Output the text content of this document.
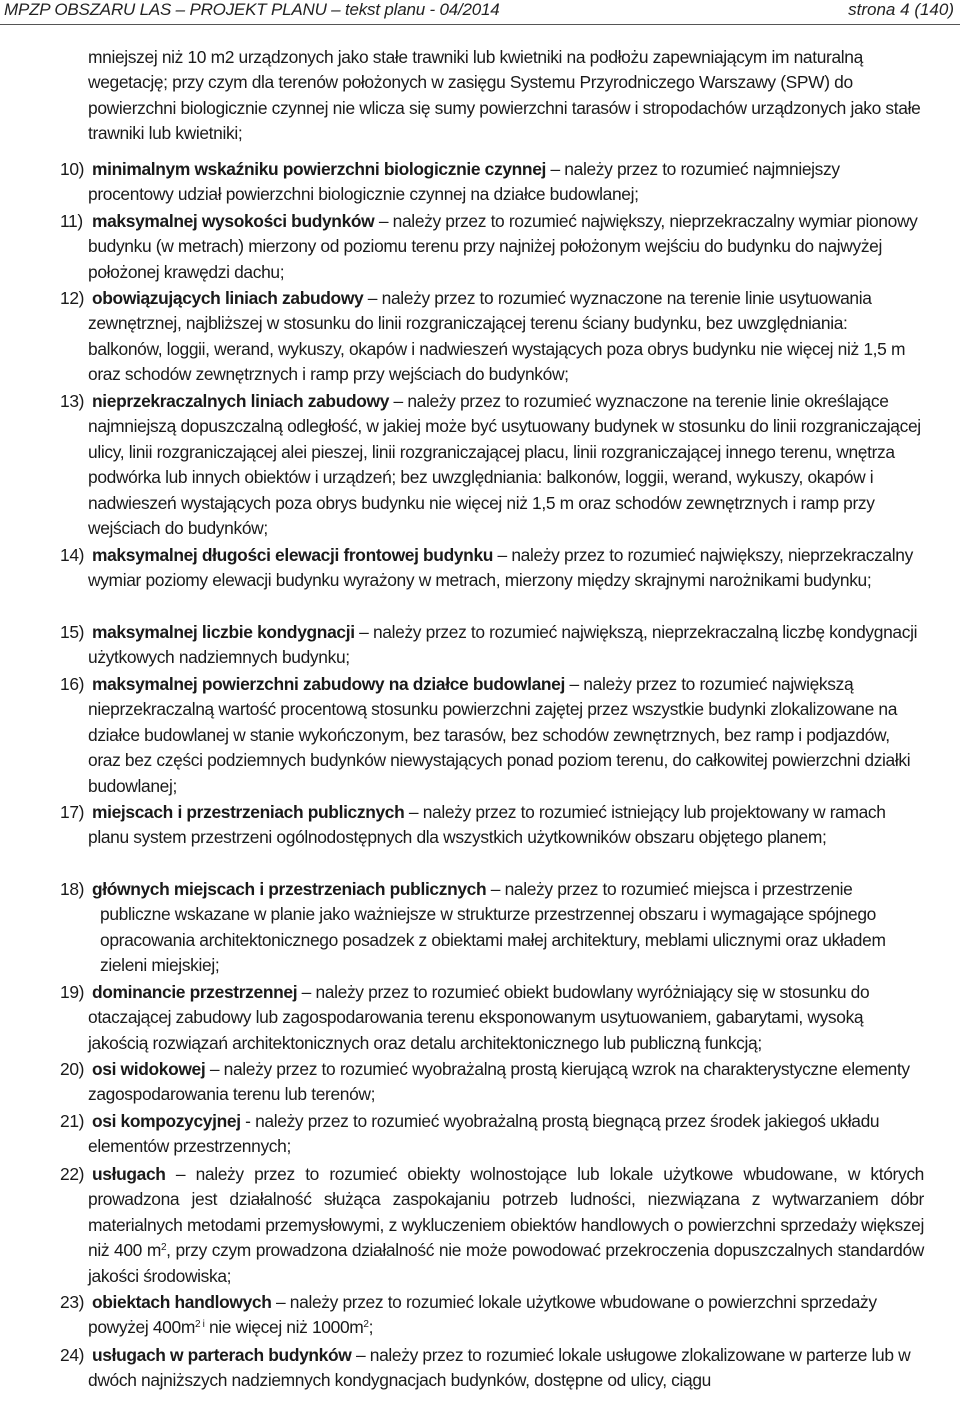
MPZP OBSZARU LAS – PROJEKT PLANU – tekst planu - 04/2014	strona 4 (140)

mniejszej niż 10 m2 urządzonych jako stałe trawniki lub kwietniki na podłożu zapewniającym im naturalną wegetację; przy czym dla terenów położonych w zasięgu Systemu Przyrodniczego Warszawy (SPW) do powierzchni biologicznie czynnej nie wlicza się sumy powierzchni tarasów i stropodachów urządzonych jako stałe trawniki lub kwietniki;

10) minimalnym wskaźniku powierzchni biologicznie czynnej – należy przez to rozumieć najmniejszy procentowy udział powierzchni biologicznie czynnej na działce budowlanej;
11) maksymalnej wysokości budynków – należy przez to rozumieć największy, nieprzekraczalny wymiar pionowy budynku (w metrach) mierzony od poziomu terenu przy najniżej położonym wejściu do budynku do najwyżej położonej krawędzi dachu;
12) obowiązujących liniach zabudowy – należy przez to rozumieć wyznaczone na terenie linie usytuowania zewnętrznej, najbliższej w stosunku do linii rozgraniczającej terenu ściany budynku, bez uwzględniania: balkonów, loggii, werand, wykuszy, okapów i nadwieszeń wystających poza obrys budynku nie więcej niż 1,5 m oraz schodów zewnętrznych i ramp przy wejściach do budynków;
13) nieprzekraczalnych liniach zabudowy – należy przez to rozumieć wyznaczone na terenie linie określające najmniejszą dopuszczalną odległość, w jakiej może być usytuowany budynek w stosunku do linii rozgraniczającej ulicy, linii rozgraniczającej alei pieszej, linii rozgraniczającej placu, linii rozgraniczającej innego terenu, wnętrza podwórka lub innych obiektów i urządzeń; bez uwzględniania: balkonów, loggii, werand, wykuszy, okapów i nadwieszeń wystających poza obrys budynku nie więcej niż 1,5 m oraz schodów zewnętrznych i ramp przy wejściach do budynków;
14) maksymalnej długości elewacji frontowej budynku – należy przez to rozumieć największy, nieprzekraczalny wymiar poziomy elewacji budynku wyrażony w metrach, mierzony między skrajnymi narożnikami budynku;
15) maksymalnej liczbie kondygnacji – należy przez to rozumieć największą, nieprzekraczalną liczbę kondygnacji użytkowych nadziemnych budynku;
16) maksymalnej powierzchni zabudowy na działce budowlanej – należy przez to rozumieć największą nieprzekraczalną wartość procentową stosunku powierzchni zajętej przez wszystkie budynki zlokalizowane na działce budowlanej w stanie wykończonym, bez tarasów, bez schodów zewnętrznych, bez ramp i podjazdów, oraz bez części podziemnych budynków niewystających ponad poziom terenu, do całkowitej powierzchni działki budowlanej;
17) miejscach i przestrzeniach publicznych – należy przez to rozumieć istniejący lub projektowany w ramach planu system przestrzeni ogólnodostępnych dla wszystkich użytkowników obszaru objętego planem;
18) głównych miejscach i przestrzeniach publicznych – należy przez to rozumieć miejsca i przestrzenie publiczne wskazane w planie jako ważniejsze w strukturze przestrzennej obszaru i wymagające spójnego opracowania architektonicznego posadzek z obiektami małej architektury, meblami ulicznymi oraz układem zieleni miejskiej;
19) dominancie przestrzennej – należy przez to rozumieć obiekt budowlany wyróżniający się w stosunku do otaczającej zabudowy lub zagospodarowania terenu eksponowanym usytuowaniem, gabarytami, wysoką jakością rozwiązań architektonicznych oraz detalu architektonicznego lub publiczną funkcją;
20) osi widokowej – należy przez to rozumieć wyobrażalną prostą kierującą wzrok na charakterystyczne elementy zagospodarowania terenu lub terenów;
21) osi kompozycyjnej - należy przez to rozumieć wyobrażalną prostą biegnącą przez środek jakiegoś układu elementów przestrzennych;
22) usługach – należy przez to rozumieć obiekty wolnostojące lub lokale użytkowe wbudowane, w których prowadzona jest działalność służąca zaspokajaniu potrzeb ludności, niezwiązana z wytwarzaniem dóbr materialnych metodami przemysłowymi, z wykluczeniem obiektów handlowych o powierzchni sprzedaży większej niż 400 $m^2$, przy czym prowadzona działalność nie może powodować przekroczenia dopuszczalnych standardów jakości środowiska;
23) obiektach handlowych – należy przez to rozumieć lokale użytkowe wbudowane o powierzchni sprzedaży powyżej $400m^{2 i}$ nie więcej niż $1000m^2$;
24) usługach w parterach budynków – należy przez to rozumieć lokale usługowe zlokalizowane w parterze lub w dwóch najniższych nadziemnych kondygnacjach budynków, dostępne od ulicy, ciągu
